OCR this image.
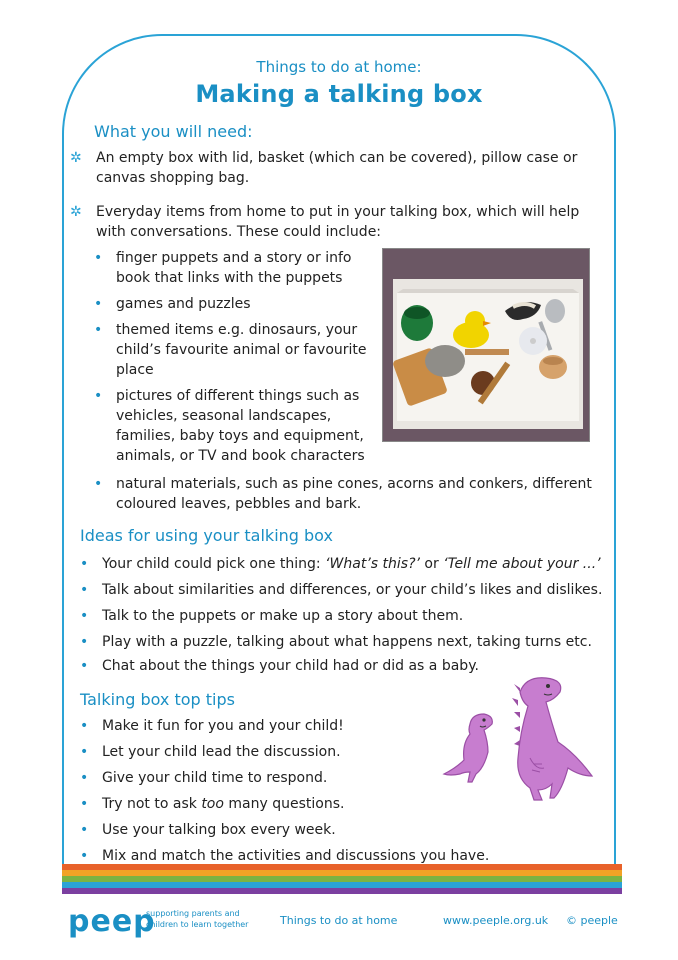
Things to do at home:
Making a talking box
What you will need:
✲	An empty box with lid, basket (which can be covered), pillow case or
canvas shopping bag.
✲	Everyday items from home to put in your talking box, which will help
with conversations. These could include:
• finger puppets and a story or info
book that links with the puppets
• games and puzzles
• themed items e.g. dinosaurs, your
child’s favourite animal or favourite
place
• pictures of different things such as
vehicles, seasonal landscapes,
families, baby toys and equipment,
animals, or TV and book characters
• natural materials, such as pine cones, acorns and conkers, different
coloured leaves, pebbles and bark.
Ideas for using your talking box
• Your child could pick one thing: ‘What’s this?’ or ‘Tell me about your ...’
• Talk about similarities and differences, or your child’s likes and dislikes.
• Talk to the puppets or make up a story about them.
• Play with a puzzle, talking about what happens next, taking turns etc.
• Chat about the things your child had or did as a baby.
Talking box top tips
• Make it fun for you and your child!
• Let your child lead the discussion.
• Give your child time to respond.
• Try not to ask too many questions.
• Use your talking box every week.
• Mix and match the activities and discussions you have.
peep
supporting parents and
children to learn together	Things to do at home	www.peeple.org.uk © peeple
